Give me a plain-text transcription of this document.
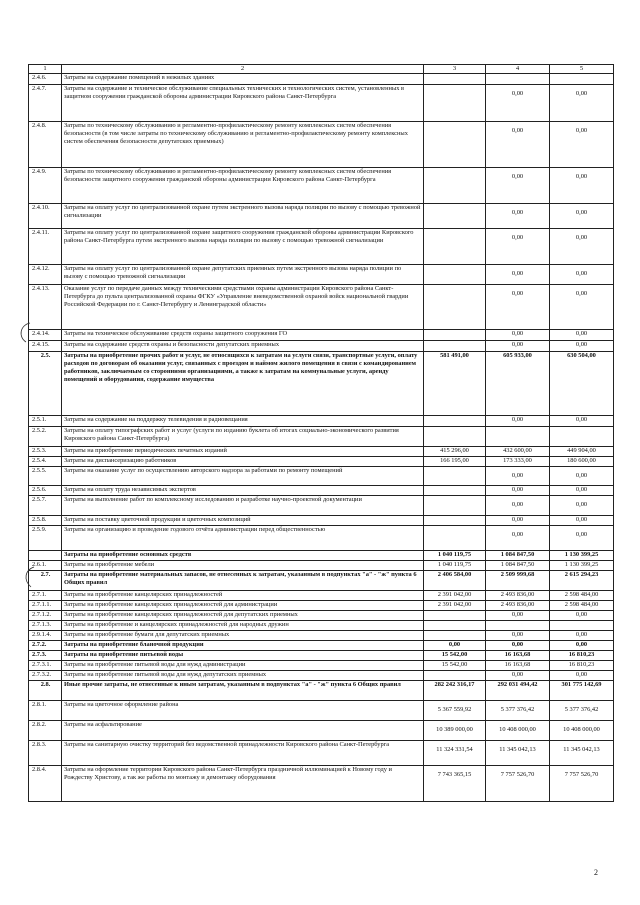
1	2	3	4	5
2.4.6.	Затраты на содержание помещений в нежилых зданиях			
2.4.7.	Затраты на содержание и техническое обслуживание специальных технических и технологических систем, установленных в защитном сооружении гражданской обороны администрации Кировского района Санкт-Петербурга		0,00	0,00
2.4.8.	Затраты по техническому обслуживанию и регламентно-профилактическому ремонту комплексных систем обеспечения безопасности (в том числе затраты по техническому обслуживанию и регламентно-профилактическому ремонту комплексных систем обеспечения безопасности депутатских приемных)		0,00	0,00
2.4.9.	Затраты по техническому обслуживанию и регламентно-профилактическому ремонту комплексных систем обеспечения безопасности защитного сооружения гражданской обороны администрации Кировского района Санкт-Петербурга		0,00	0,00
2.4.10.	Затраты на оплату услуг по централизованной охране путем экстренного вызова наряда полиции по вызову с помощью тревожной сигнализации		0,00	0,00
2.4.11.	Затраты на оплату услуг по централизованной охране защитного сооружения гражданской обороны администрации Кировского района Санкт-Петербурга путем экстренного вызова наряда полиции по вызову с помощью тревожной сигнализации		0,00	0,00
2.4.12.	Затраты на оплату услуг по централизованной охране депутатских приемных путем экстренного вызова наряда полиции по вызову с помощью тревожной сигнализации		0,00	0,00
2.4.13.	Оказание услуг по передаче данных между техническими средствами охраны администрации Кировского района Санкт-Петербурга до пульта централизованной охраны ФГКУ «Управление вневедомственной охраной войск национальной гвардии Российской Федерации по г. Санкт-Петербургу и Ленинградской области»		0,00	0,00
2.4.14.	Затраты на техническое обслуживание средств охраны защитного сооружения ГО		0,00	0,00
2.4.15.	Затраты на содержание средств охраны и безопасности депутатских приемных		0,00	0,00
2.5.	Затраты на приобретение прочих работ и услуг, не относящихся к затратам на услуги связи, транспортные услуги, оплату расходов по договорам об оказании услуг, связанных с проездом и наймом жилого помещения в связи с командированием работников, заключаемым со сторонними организациями, а также к затратам на коммунальные услуги, аренду помещений и оборудования, содержание имущества	581 491,00	605 933,00	630 504,00
2.5.1.	Затраты на содержание на поддержку телевидения и радиовещания		0,00	0,00
2.5.2.	Затраты на оплату типографских работ и услуг (услуги по изданию буклета об итогах социально-экономического развития Кировского района Санкт-Петербурга)			
2.5.3.	Затраты на приобретение периодических печатных изданий	415 296,00	432 600,00	449 904,00
2.5.4.	Затраты на диспансеризацию работников	166 195,00	173 333,00	180 600,00
2.5.5.	Затраты на оказание услуг по осуществлению авторского надзора за работами по ремонту помещений		0,00	0,00
2.5.6.	Затраты на оплату труда независимых экспертов		0,00	0,00
2.5.7.	Затраты на выполнение работ по комплексному исследованию и разработке научно-проектной документации		0,00	0,00
2.5.8.	Затраты на поставку цветочной продукции и цветочных композиций		0,00	0,00
2.5.9.	Затраты на организацию и проведение годового отчёта администрации перед общественностью		0,00	0,00
	Затраты на приобретение основных средств	1 040 119,75	1 084 847,50	1 130 399,25
2.6.1.	Затраты на приобретение мебели	1 040 119,75	1 084 847,50	1 130 399,25
2.7.	Затраты на приобретение материальных запасов, не отнесенных к затратам, указанным в подпунктах "а" - "ж" пункта 6 Общих правил	2 406 584,00	2 509 999,68	2 615 294,23
2.7.1.	Затраты на приобретение канцелярских принадлежностей	2 391 042,00	2 493 836,00	2 598 484,00
2.7.1.1.	Затраты на приобретение канцелярских принадлежностей для администрации	2 391 042,00	2 493 836,00	2 598 484,00
2.7.1.2.	Затраты на приобретение канцелярских принадлежностей для депутатских приемных		0,00	0,00
2.7.1.3.	Затраты на приобретение и канцелярских принадлежностей для народных дружин			
2.9.1.4.	Затраты на приобретение бумаги для депутатских приемных		0,00	0,00
2.7.2.	Затраты на приобретение бланочной продукции	0,00	0,00	0,00
2.7.3.	Затраты на приобретение питьевой воды	15 542,00	16 163,68	16 810,23
2.7.3.1.	Затраты на приобретение питьевой воды для нужд администрации	15 542,00	16 163,68	16 810,23
2.7.3.2.	Затраты на приобретение питьевой воды для нужд депутатских приемных		0,00	0,00
2.8.	Иные прочие затраты, не отнесенные к иным затратам, указанным в подпунктах "а" - "ж" пункта 6 Общих правил	282 242 316,17	292 031 494,42	301 775 142,69
2.8.1.	Затраты на цветочное оформление района	5 367 559,92	5 377 376,42	5 377 376,42
2.8.2.	Затраты на асфальтирование	10 389 000,00	10 408 000,00	10 408 000,00
2.8.3.	Затраты на санитарную очистку территорий без ведомственной принадлежности Кировского района Санкт-Петербурга	11 324 331,54	11 345 042,13	11 345 042,13
2.8.4.	Затраты на оформление территории Кировского района Санкт-Петербурга праздничной иллюминацией к Новому году и Рождеству Христову, а так же работы по монтажу и демонтажу оборудования	7 743 365,15	7 757 526,70	7 757 526,70
2
